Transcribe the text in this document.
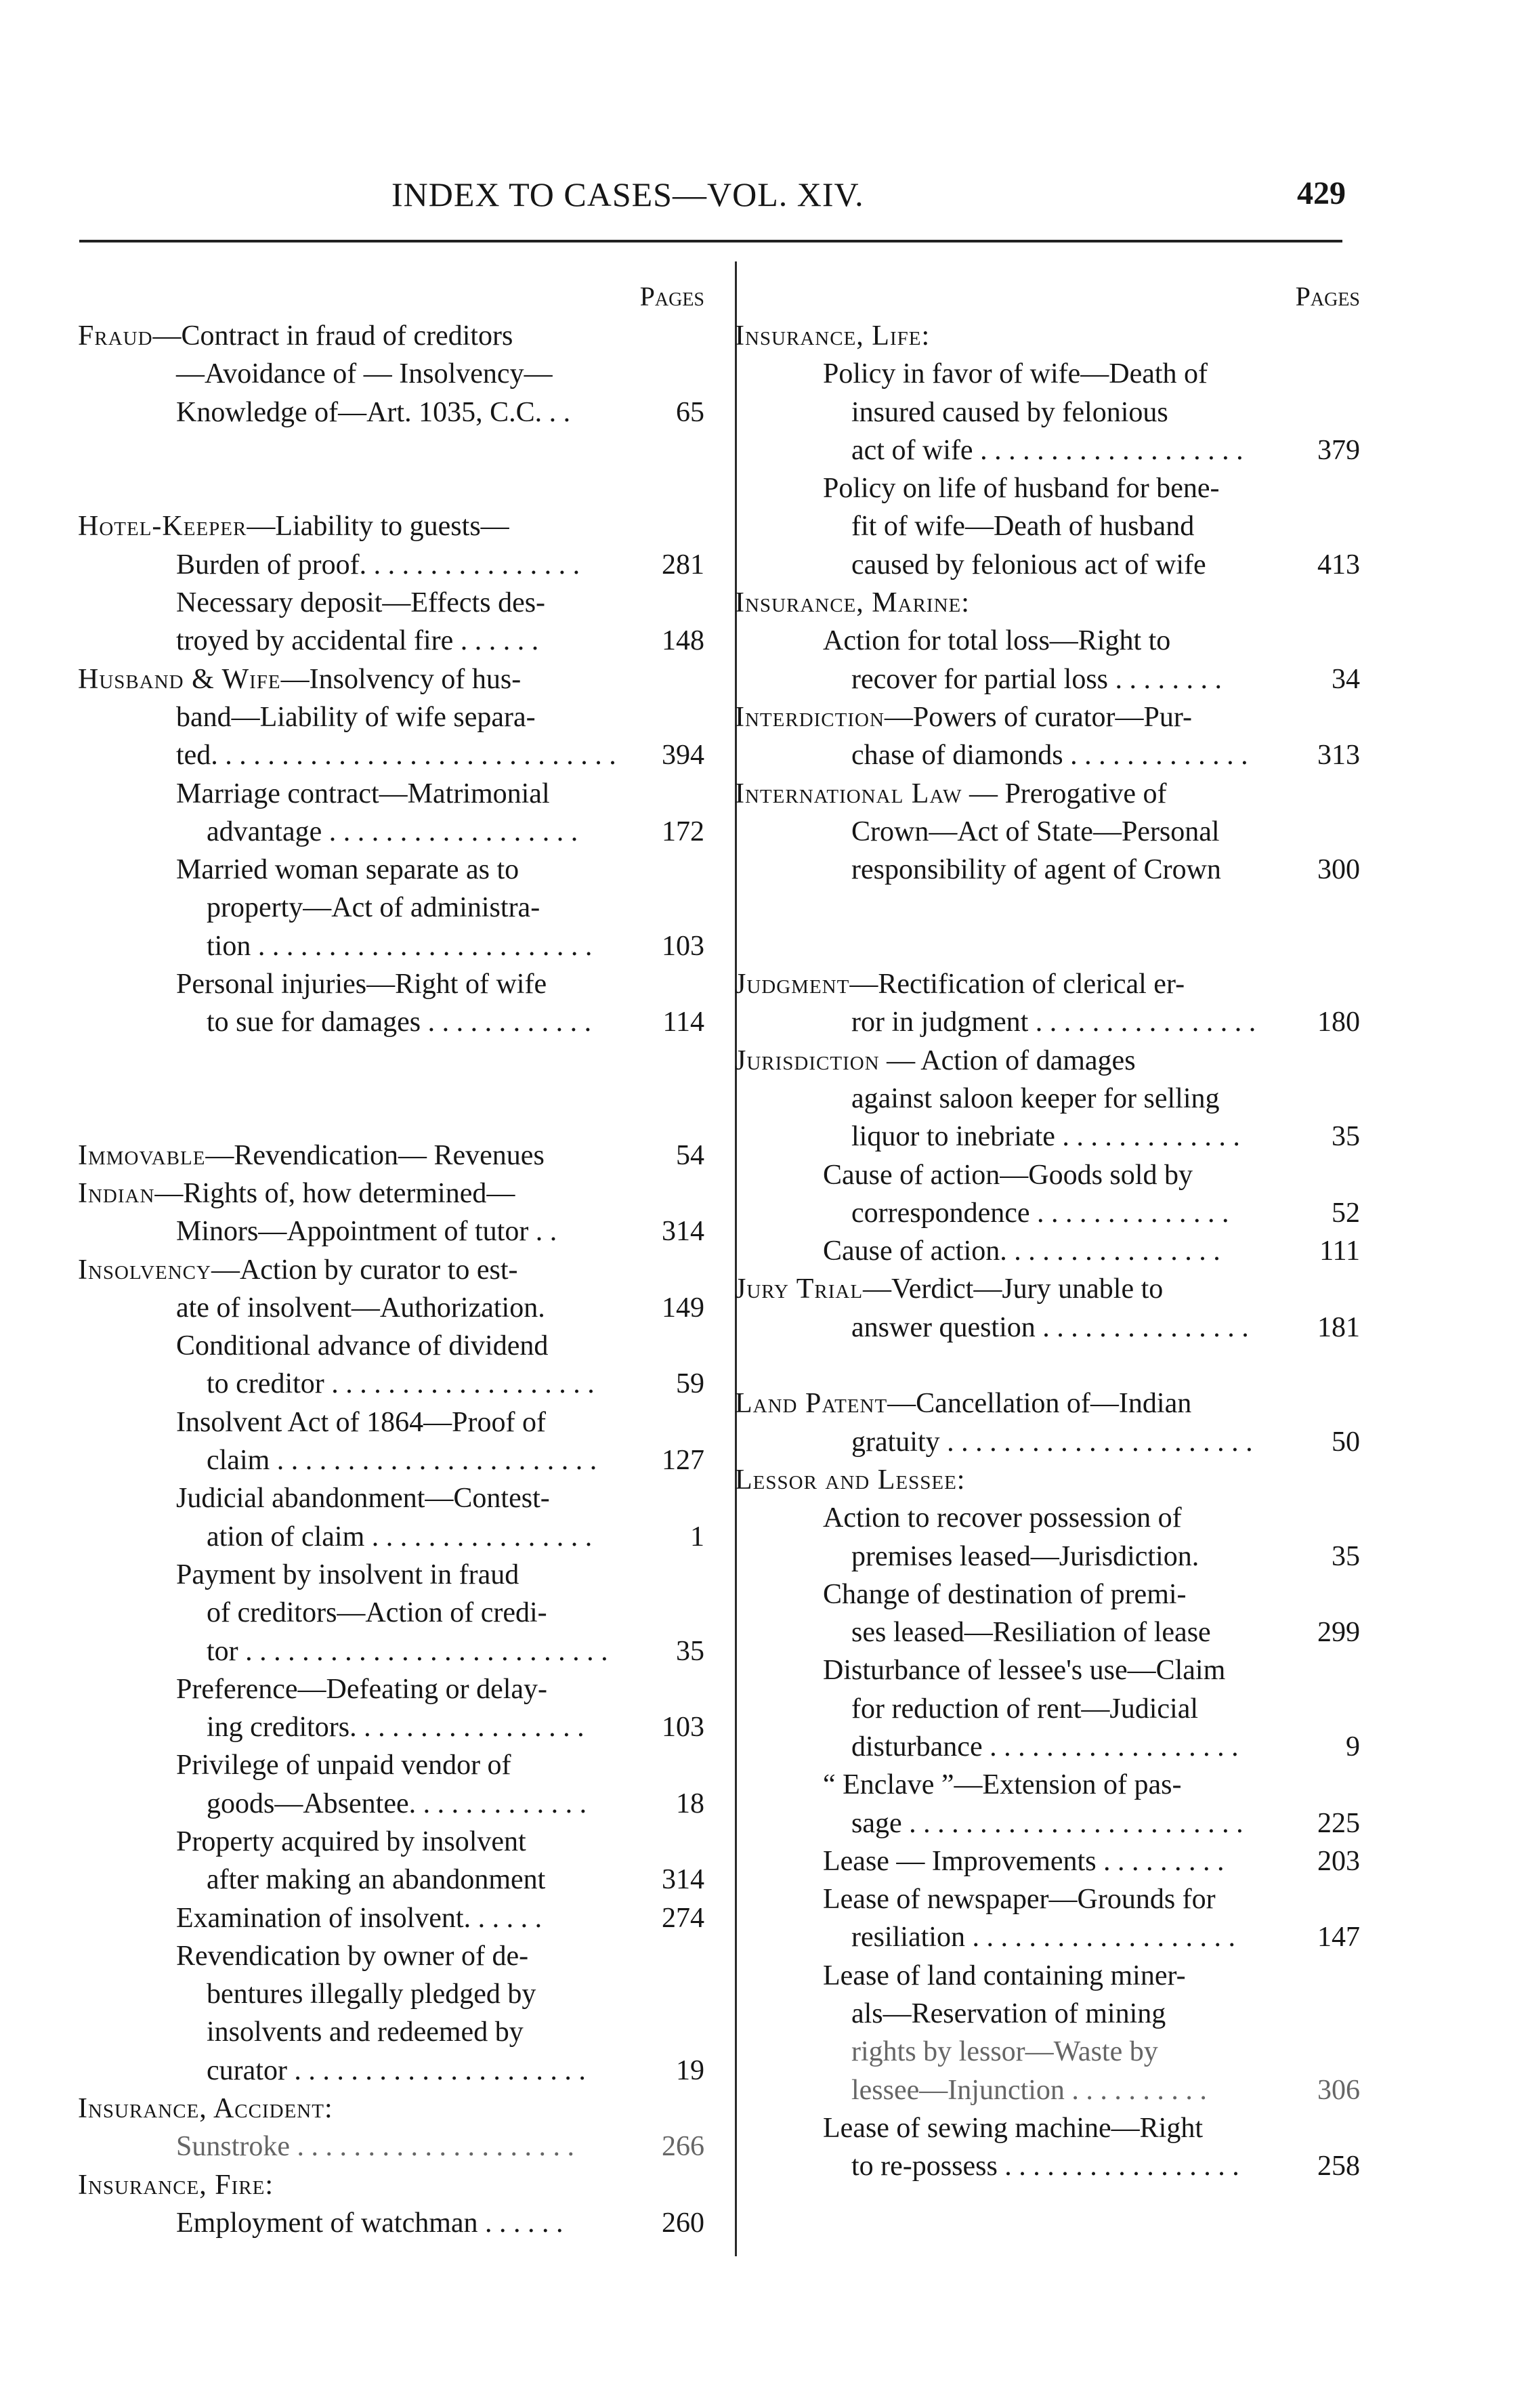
INDEX TO CASES—VOL. XIV.	429
Pages
Fraud—Contract in fraud of creditors
—Avoidance of — Insolvency—
Knowledge of—Art. 1035, C.C. . .	65
Hotel-Keeper—Liability to guests—
Burden of proof. . . . . . . . . . . . . . . .	281
Necessary deposit—Effects des-
troyed by accidental fire . . . . . .	148
Husband & Wife—Insolvency of hus-
band—Liability of wife separa-
ted. . . . . . . . . . . . . . . . . . . . . . . . . . . . .	394
Marriage contract—Matrimonial
advantage . . . . . . . . . . . . . . . . . .	172
Married woman separate as to
property—Act of administra-
tion . . . . . . . . . . . . . . . . . . . . . . . .	103
Personal injuries—Right of wife
to sue for damages . . . . . . . . . . . .	114
Immovable—Revendication— Revenues	54
Indian—Rights of, how determined—
Minors—Appointment of tutor . .	314
Insolvency—Action by curator to est-
ate of insolvent—Authorization.	149
Conditional advance of dividend
to creditor . . . . . . . . . . . . . . . . . . .	59
Insolvent Act of 1864—Proof of
claim . . . . . . . . . . . . . . . . . . . . . . .	127
Judicial abandonment—Contest-
ation of claim . . . . . . . . . . . . . . . .	1
Payment by insolvent in fraud
of creditors—Action of credi-
tor . . . . . . . . . . . . . . . . . . . . . . . . . .	35
Preference—Defeating or delay-
ing creditors. . . . . . . . . . . . . . . . .	103
Privilege of unpaid vendor of
goods—Absentee. . . . . . . . . . . . .	18
Property acquired by insolvent
after making an abandonment	314
Examination of insolvent. . . . . .	274
Revendication by owner of de-
bentures illegally pledged by
insolvents and redeemed by
curator . . . . . . . . . . . . . . . . . . . . .	19
Insurance, Accident:
Sunstroke . . . . . . . . . . . . . . . . . . . .	266
Insurance, Fire:
Employment of watchman . . . . . .	260
Pages
Insurance, Life:
Policy in favor of wife—Death of
insured caused by felonious
act of wife . . . . . . . . . . . . . . . . . . .	379
Policy on life of husband for bene-
fit of wife—Death of husband
caused by felonious act of wife	413
Insurance, Marine:
Action for total loss—Right to
recover for partial loss . . . . . . . .	34
Interdiction—Powers of curator—Pur-
chase of diamonds . . . . . . . . . . . . .	313
International Law — Prerogative of
Crown—Act of State—Personal
responsibility of agent of Crown	300
Judgment—Rectification of clerical er-
ror in judgment . . . . . . . . . . . . . . . .	180
Jurisdiction — Action of damages
against saloon keeper for selling
liquor to inebriate . . . . . . . . . . . . .	35
Cause of action—Goods sold by
correspondence . . . . . . . . . . . . . .	52
Cause of action. . . . . . . . . . . . . . . .	111
Jury Trial—Verdict—Jury unable to
answer question . . . . . . . . . . . . . . .	181
Land Patent—Cancellation of—Indian
gratuity . . . . . . . . . . . . . . . . . . . . . .	50
Lessor and Lessee:
Action to recover possession of
premises leased—Jurisdiction.	35
Change of destination of premi-
ses leased—Resiliation of lease	299
Disturbance of lessee's use—Claim
for reduction of rent—Judicial
disturbance . . . . . . . . . . . . . . . . . .	9
“ Enclave ”—Extension of pas-
sage . . . . . . . . . . . . . . . . . . . . . . . .	225
Lease — Improvements . . . . . . . . .	203
Lease of newspaper—Grounds for
resiliation . . . . . . . . . . . . . . . . . . .	147
Lease of land containing miner-
als—Reservation of mining
rights by lessor—Waste by
lessee—Injunction . . . . . . . . . .	306
Lease of sewing machine—Right
to re-possess . . . . . . . . . . . . . . . . .	258
